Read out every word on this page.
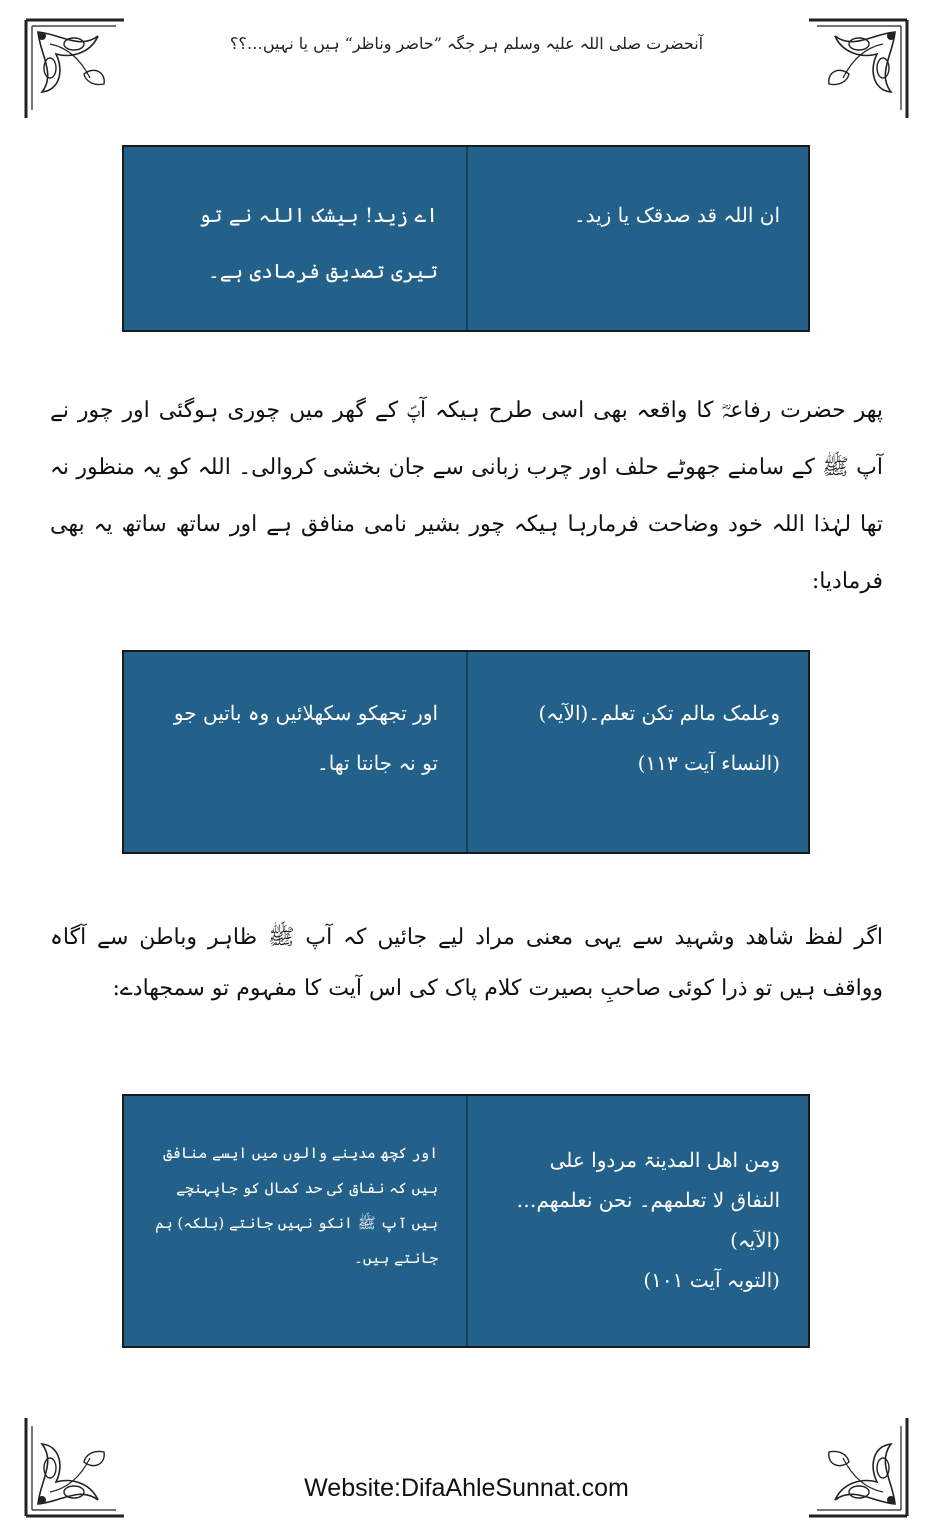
آنحضرت صلی اللہ علیہ وسلم ہر جگہ ”حاضر وناظر“ ہیں یا نہیں…؟؟
ان اللہ قد صدقک یا زید۔
اے زید! بیشک اللہ نے تو تیری تصدیق فرمادی ہے۔
پھر حضرت رفاعہؓ کا واقعہ بھی اسی طرح ہیکہ آپؐ کے گھر میں چوری ہوگئی اور چور نے آپ ﷺ کے سامنے جھوٹے حلف اور چرب زبانی سے جان بخشی کروالی۔ اللہ کو یہ منظور نہ تھا لہٰذا اللہ خود وضاحت فرمارہا ہیکہ چور بشیر نامی منافق ہے اور ساتھ ساتھ یہ بھی فرمادیا:
وعلمک مالم تکن تعلم۔(الآیہ)
(النساء آیت ۱۱۳)
اور تجھکو سکھلائیں وہ باتیں جو تو نہ جانتا تھا۔
اگر لفظ شاھد وشہید سے یہی معنی مراد لیے جائیں کہ آپ ﷺ ظاہر وباطن سے آگاہ وواقف ہیں تو ذرا کوئی صاحبِ بصیرت کلام پاک کی اس آیت کا مفہوم تو سمجھادے:
ومن اھل المدینۃ مردوا علی النفاق لا تعلمھم۔ نحن نعلمھم…(الآیہ)
(التوبہ آیت ۱۰۱)
اور کچھ مدینے والوں میں ایسے منافق ہیں کہ نفاق کی حد کمال کو جاپہنچے ہیں آپ ﷺ انکو نہیں جانتے (بلکہ) ہم جانتے ہیں۔
Website:DifaAhleSunnat.com
